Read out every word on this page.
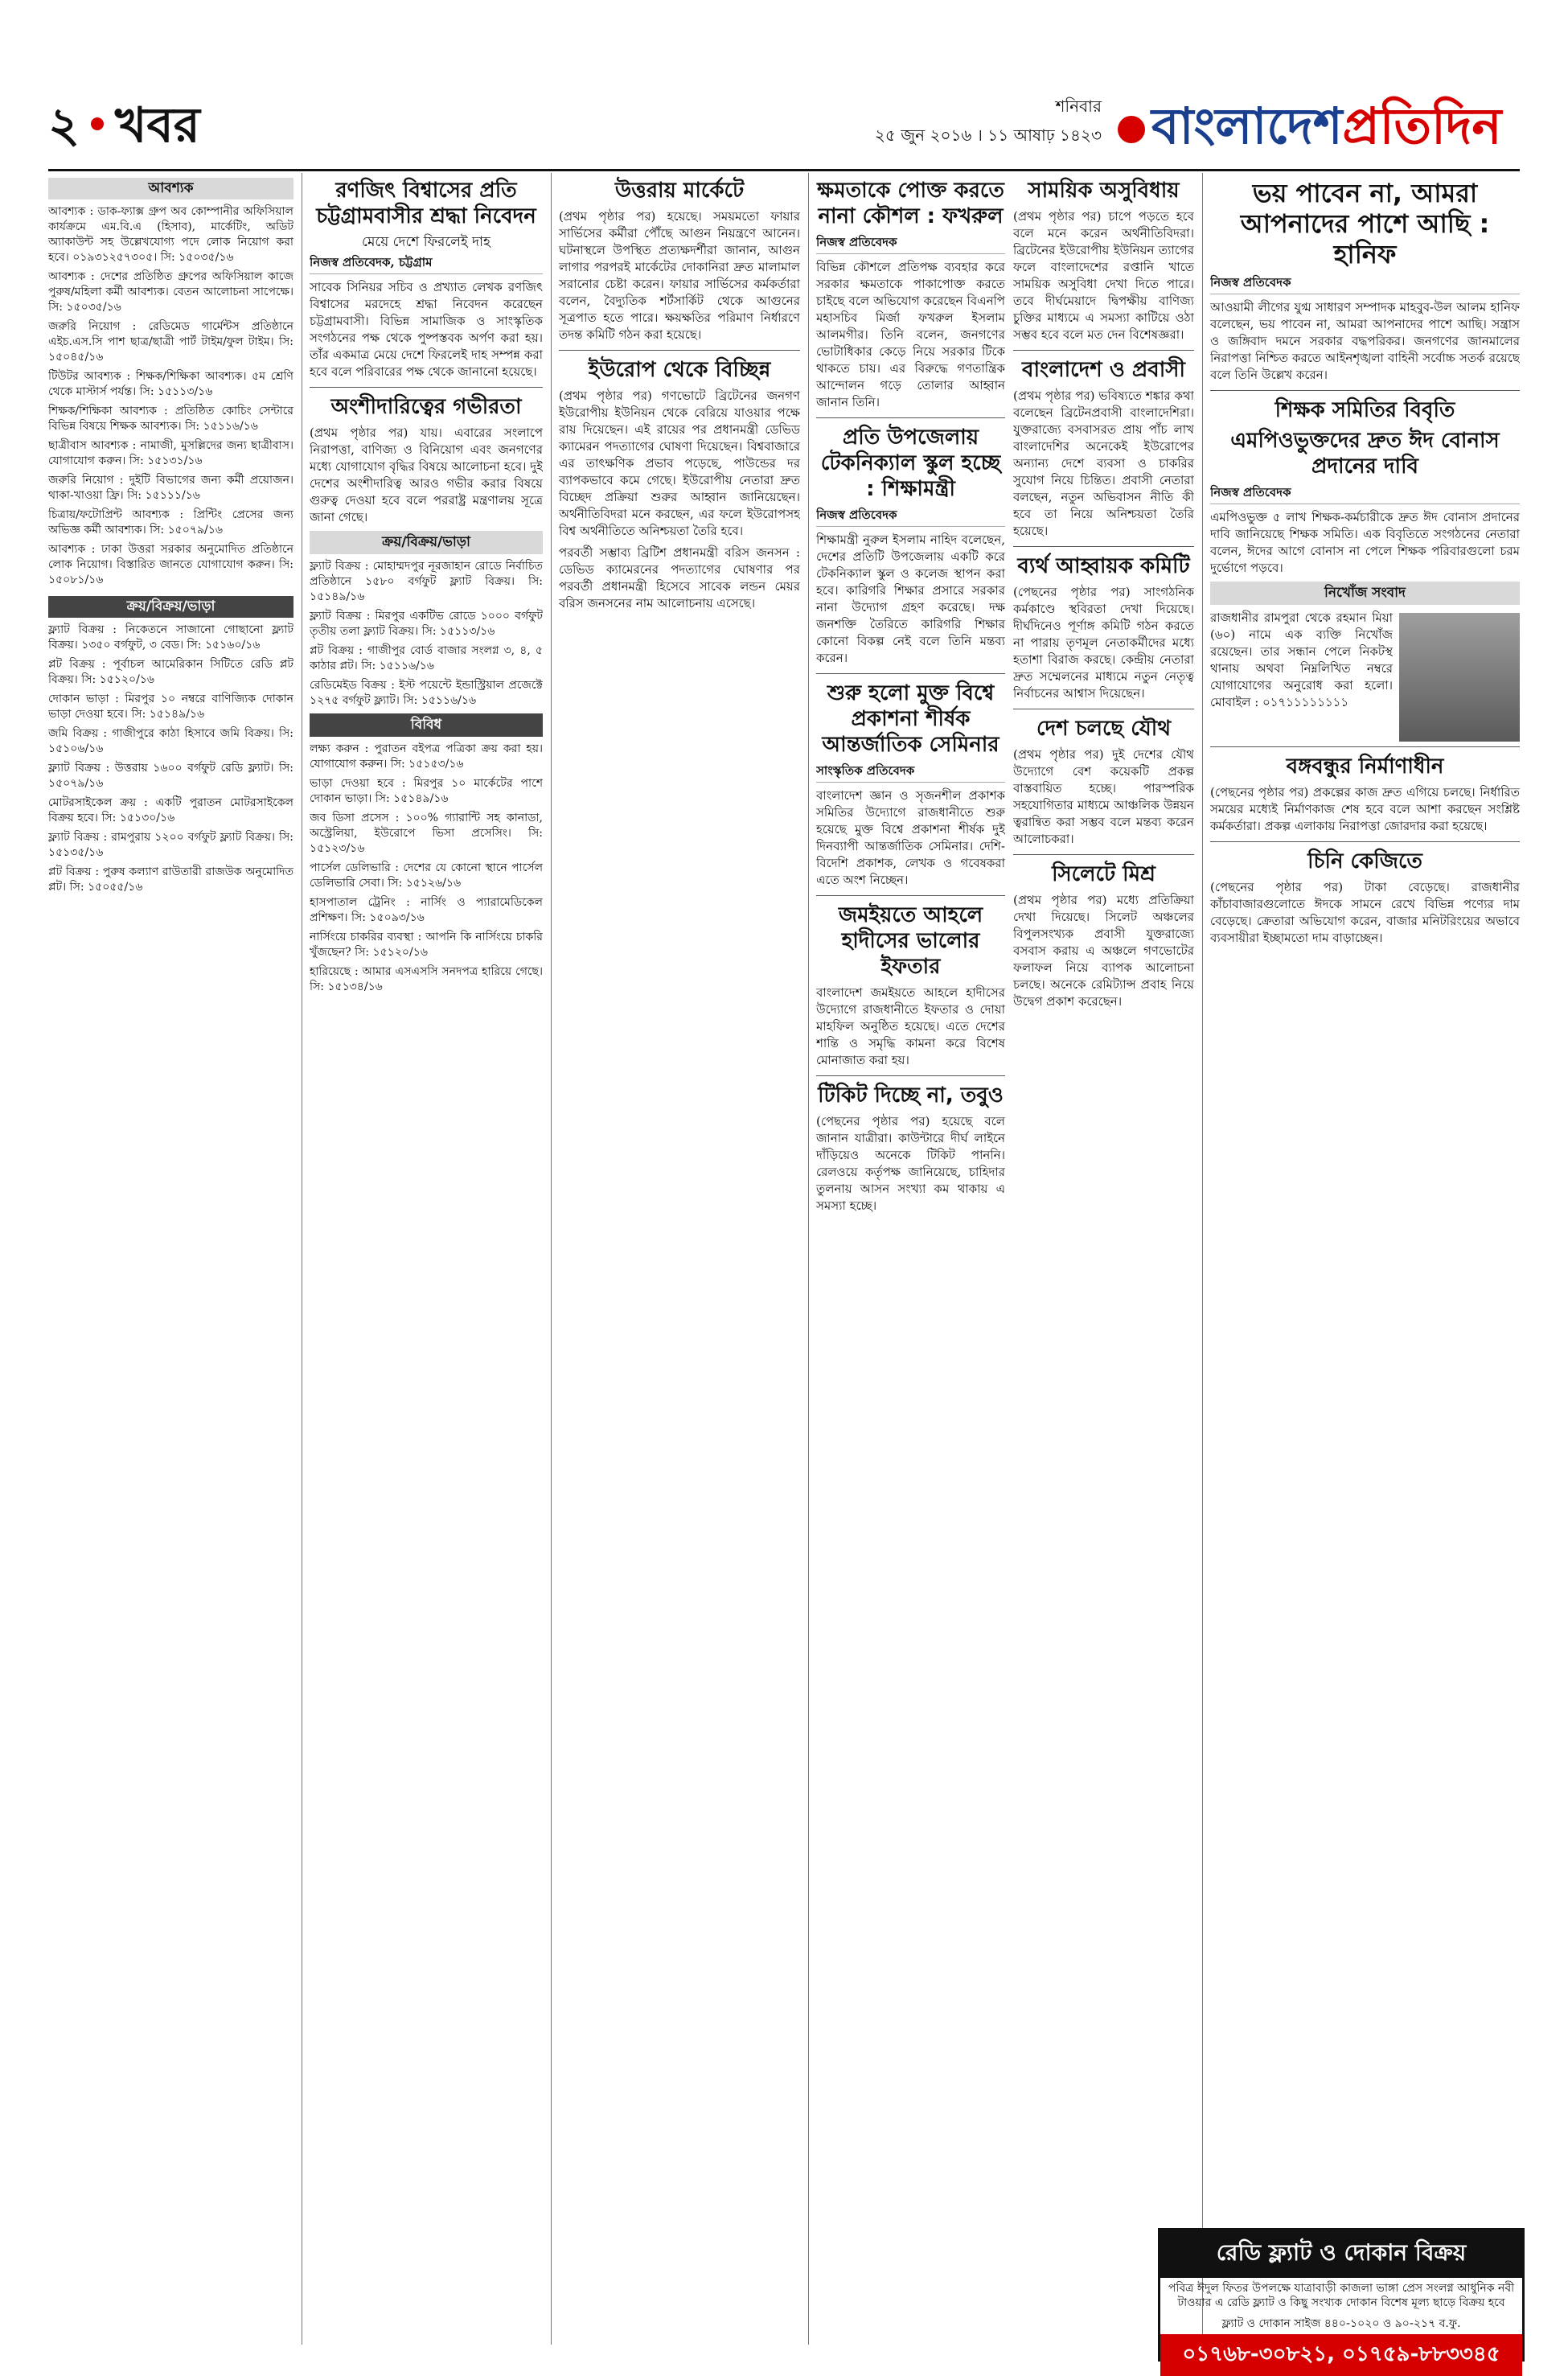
২ খবর	শনিবার
২৫ জুন ২০১৬ । ১১ আষাঢ় ১৪২৩	বাংলাদেশপ্রতিদিন
আবশ্যক
আবশ্যক : ডাক-ফ্যাক্স গ্রুপ অব কোম্পানীর অফিসিয়াল কার্যক্রমে এম.বি.এ (হিসাব), মার্কেটিং, অডিট অ্যাকাউন্ট সহ উল্লেখযোগ্য পদে লোক নিয়োগ করা হবে। ০১৯৩১২৫৭৩০৫। সি: ১৫০৩৫/১৬
আবশ্যক : দেশের প্রতিষ্ঠিত গ্রুপের অফিসিয়াল কাজে পুরুষ/মহিলা কর্মী আবশ্যক। বেতন আলোচনা সাপেক্ষে। সি: ১৫০৩৫/১৬
জরুরি নিয়োগ : রেডিমেড গার্মেন্টস প্রতিষ্ঠানে এইচ.এস.সি পাশ ছাত্র/ছাত্রী পার্ট টাইম/ফুল টাইম। সি: ১৫০৪৫/১৬
টিউটর আবশ্যক : শিক্ষক/শিক্ষিকা আবশ্যক। ৫ম শ্রেণি থেকে মাস্টার্স পর্যন্ত। সি: ১৫১১৩/১৬
শিক্ষক/শিক্ষিকা আবশ্যক : প্রতিষ্ঠিত কোচিং সেন্টারে বিভিন্ন বিষয়ে শিক্ষক আবশ্যক। সি: ১৫১১৬/১৬
ছাত্রীবাস আবশ্যক : নামাজী, মুসল্লিদের জন্য ছাত্রীবাস। যোগাযোগ করুন। সি: ১৫১৩১/১৬
জরুরি নিয়োগ : দুইটি বিভাগের জন্য কর্মী প্রয়োজন। থাকা-খাওয়া ফ্রি। সি: ১৫১১১/১৬
চিত্রায়/ফটোপ্রিন্ট আবশ্যক : প্রিন্টিং প্রেসের জন্য অভিজ্ঞ কর্মী আবশ্যক। সি: ১৫০৭৯/১৬
আবশ্যক : ঢাকা উত্তরা সরকার অনুমোদিত প্রতিষ্ঠানে লোক নিয়োগ। বিস্তারিত জানতে যোগাযোগ করুন। সি: ১৫০৮১/১৬
ক্রয়/বিক্রয়/ভাড়া
ফ্ল্যাট বিক্রয় : নিকেতনে সাজানো গোছানো ফ্ল্যাট বিক্রয়। ১৩৫০ বর্গফুট, ৩ বেড। সি: ১৫১৬০/১৬
প্লট বিক্রয় : পূর্বাচল আমেরিকান সিটিতে রেডি প্লট বিক্রয়। সি: ১৫১২০/১৬
দোকান ভাড়া : মিরপুর ১০ নম্বরে বাণিজ্যিক দোকান ভাড়া দেওয়া হবে। সি: ১৫১৪৯/১৬
জমি বিক্রয় : গাজীপুরে কাঠা হিসাবে জমি বিক্রয়। সি: ১৫১০৬/১৬
ফ্ল্যাট বিক্রয় : উত্তরায় ১৬০০ বর্গফুট রেডি ফ্ল্যাট। সি: ১৫০৭৯/১৬
মোটরসাইকেল ক্রয় : একটি পুরাতন মোটরসাইকেল বিক্রয় হবে। সি: ১৫১৩০/১৬
ফ্ল্যাট বিক্রয় : রামপুরায় ১২০০ বর্গফুট ফ্ল্যাট বিক্রয়। সি: ১৫১৩৫/১৬
প্লট বিক্রয় : পুরুষ কল্যাণ রাউতারী রাজউক অনুমোদিত প্লট। সি: ১৫০৫৫/১৬
রণজিৎ বিশ্বাসের প্রতি চট্টগ্রামবাসীর শ্রদ্ধা নিবেদন
মেয়ে দেশে ফিরলেই দাহ
নিজস্ব প্রতিবেদক, চট্টগ্রাম

সাবেক সিনিয়র সচিব ও প্রখ্যাত লেখক রণজিৎ বিশ্বাসের মরদেহে শ্রদ্ধা নিবেদন করেছেন চট্টগ্রামবাসী। বিভিন্ন সামাজিক ও সাংস্কৃতিক সংগঠনের পক্ষ থেকে পুষ্পস্তবক অর্পণ করা হয়। তাঁর একমাত্র মেয়ে দেশে ফিরলেই দাহ সম্পন্ন করা হবে বলে পরিবারের পক্ষ থেকে জানানো হয়েছে।

অংশীদারিত্বের গভীরতা

(প্রথম পৃষ্ঠার পর) যায়। এবারের সংলাপে নিরাপত্তা, বাণিজ্য ও বিনিয়োগ এবং জনগণের মধ্যে যোগাযোগ বৃদ্ধির বিষয়ে আলোচনা হবে। দুই দেশের অংশীদারিত্ব আরও গভীর করার বিষয়ে গুরুত্ব দেওয়া হবে বলে পররাষ্ট্র মন্ত্রণালয় সূত্রে জানা গেছে।

ক্রয়/বিক্রয়/ভাড়া
ফ্ল্যাট বিক্রয় : মোহাম্মদপুর নূরজাহান রোডে নির্বাচিত প্রতিষ্ঠানে ১৫৮০ বর্গফুট ফ্ল্যাট বিক্রয়। সি: ১৫১৪৯/১৬
ফ্ল্যাট বিক্রয় : মিরপুর একটিভ রোডে ১০০০ বর্গফুট তৃতীয় তলা ফ্ল্যাট বিক্রয়। সি: ১৫১১৩/১৬
প্লট বিক্রয় : গাজীপুর বোর্ড বাজার সংলগ্ন ৩, ৪, ৫ কাঠার প্লট। সি: ১৫১১৬/১৬
রেডিমেইড বিক্রয় : ইস্ট পয়েন্টে ইন্ডাস্ট্রিয়াল প্রজেক্টে ১২৭৫ বর্গফুট ফ্ল্যাট। সি: ১৫১১৬/১৬
বিবিধ
লক্ষ্য করুন : পুরাতন বইপত্র পত্রিকা ক্রয় করা হয়। যোগাযোগ করুন। সি: ১৫১৫৩/১৬
ভাড়া দেওয়া হবে : মিরপুর ১০ মার্কেটের পাশে দোকান ভাড়া। সি: ১৫১৪৯/১৬
জব ডিসা প্রসেস : ১০০% গ্যারান্টি সহ কানাডা, অস্ট্রেলিয়া, ইউরোপে ভিসা প্রসেসিং। সি: ১৫১২৩/১৬
পার্সেল ডেলিভারি : দেশের যে কোনো স্থানে পার্সেল ডেলিভারি সেবা। সি: ১৫১২৬/১৬
হাসপাতাল ট্রেনিং : নার্সিং ও প্যারামেডিকেল প্রশিক্ষণ। সি: ১৫০৯৩/১৬
নার্সিংয়ে চাকরির ব্যবস্থা : আপনি কি নার্সিংয়ে চাকরি খুঁজছেন? সি: ১৫১২০/১৬
হারিয়েছে : আমার এসএসসি সনদপত্র হারিয়ে গেছে। সি: ১৫১৩৪/১৬
উত্তরায় মার্কেটে

(প্রথম পৃষ্ঠার পর) হয়েছে। সময়মতো ফায়ার সার্ভিসের কর্মীরা পৌঁছে আগুন নিয়ন্ত্রণে আনেন। ঘটনাস্থলে উপস্থিত প্রত্যক্ষদর্শীরা জানান, আগুন লাগার পরপরই মার্কেটের দোকানিরা দ্রুত মালামাল সরানোর চেষ্টা করেন। ফায়ার সার্ভিসের কর্মকর্তারা বলেন, বৈদ্যুতিক শর্টসার্কিট থেকে আগুনের সূত্রপাত হতে পারে। ক্ষয়ক্ষতির পরিমাণ নির্ধারণে তদন্ত কমিটি গঠন করা হয়েছে।

ইউরোপ থেকে বিচ্ছিন্ন

(প্রথম পৃষ্ঠার পর) গণভোটে ব্রিটেনের জনগণ ইউরোপীয় ইউনিয়ন থেকে বেরিয়ে যাওয়ার পক্ষে রায় দিয়েছেন। এই রায়ের পর প্রধানমন্ত্রী ডেভিড ক্যামেরন পদত্যাগের ঘোষণা দিয়েছেন। বিশ্ববাজারে এর তাৎক্ষণিক প্রভাব পড়েছে, পাউন্ডের দর ব্যাপকভাবে কমে গেছে। ইউরোপীয় নেতারা দ্রুত বিচ্ছেদ প্রক্রিয়া শুরুর আহ্বান জানিয়েছেন। অর্থনীতিবিদরা মনে করছেন, এর ফলে ইউরোপসহ বিশ্ব অর্থনীতিতে অনিশ্চয়তা তৈরি হবে।

পরবর্তী সম্ভাব্য ব্রিটিশ প্রধানমন্ত্রী বরিস জনসন : ডেভিড ক্যামেরনের পদত্যাগের ঘোষণার পর পরবর্তী প্রধানমন্ত্রী হিসেবে সাবেক লন্ডন মেয়র বরিস জনসনের নাম আলোচনায় এসেছে।

ক্ষমতাকে পোক্ত করতে নানা কৌশল : ফখরুল
নিজস্ব প্রতিবেদক

বিভিন্ন কৌশলে প্রতিপক্ষ ব্যবহার করে সরকার ক্ষমতাকে পাকাপোক্ত করতে চাইছে বলে অভিযোগ করেছেন বিএনপি মহাসচিব মির্জা ফখরুল ইসলাম আলমগীর। তিনি বলেন, জনগণের ভোটাধিকার কেড়ে নিয়ে সরকার টিকে থাকতে চায়। এর বিরুদ্ধে গণতান্ত্রিক আন্দোলন গড়ে তোলার আহ্বান জানান তিনি।

প্রতি উপজেলায় টেকনিক্যাল স্কুল হচ্ছে : শিক্ষামন্ত্রী
নিজস্ব প্রতিবেদক

শিক্ষামন্ত্রী নুরুল ইসলাম নাহিদ বলেছেন, দেশের প্রতিটি উপজেলায় একটি করে টেকনিক্যাল স্কুল ও কলেজ স্থাপন করা হবে। কারিগরি শিক্ষার প্রসারে সরকার নানা উদ্যোগ গ্রহণ করেছে। দক্ষ জনশক্তি তৈরিতে কারিগরি শিক্ষার কোনো বিকল্প নেই বলে তিনি মন্তব্য করেন।

শুরু হলো মুক্ত বিশ্বে প্রকাশনা শীর্ষক আন্তর্জাতিক সেমিনার
সাংস্কৃতিক প্রতিবেদক

বাংলাদেশ জ্ঞান ও সৃজনশীল প্রকাশক সমিতির উদ্যোগে রাজধানীতে শুরু হয়েছে মুক্ত বিশ্বে প্রকাশনা শীর্ষক দুই দিনব্যাপী আন্তর্জাতিক সেমিনার। দেশি-বিদেশি প্রকাশক, লেখক ও গবেষকরা এতে অংশ নিচ্ছেন।

জমইয়তে আহলে হাদীসের ভালোর ইফতার

বাংলাদেশ জমইয়তে আহলে হাদীসের উদ্যোগে রাজধানীতে ইফতার ও দোয়া মাহফিল অনুষ্ঠিত হয়েছে। এতে দেশের শান্তি ও সমৃদ্ধি কামনা করে বিশেষ মোনাজাত করা হয়।

টিকিট দিচ্ছে না, তবুও

(পেছনের পৃষ্ঠার পর) হয়েছে বলে জানান যাত্রীরা। কাউন্টারে দীর্ঘ লাইনে দাঁড়িয়েও অনেকে টিকিট পাননি। রেলওয়ে কর্তৃপক্ষ জানিয়েছে, চাহিদার তুলনায় আসন সংখ্যা কম থাকায় এ সমস্যা হচ্ছে।

সাময়িক অসুবিধায়

(প্রথম পৃষ্ঠার পর) চাপে পড়তে হবে বলে মনে করেন অর্থনীতিবিদরা। ব্রিটেনের ইউরোপীয় ইউনিয়ন ত্যাগের ফলে বাংলাদেশের রপ্তানি খাতে সাময়িক অসুবিধা দেখা দিতে পারে। তবে দীর্ঘমেয়াদে দ্বিপক্ষীয় বাণিজ্য চুক্তির মাধ্যমে এ সমস্যা কাটিয়ে ওঠা সম্ভব হবে বলে মত দেন বিশেষজ্ঞরা।

বাংলাদেশ ও প্রবাসী

(প্রথম পৃষ্ঠার পর) ভবিষ্যতে শঙ্কার কথা বলেছেন ব্রিটেনপ্রবাসী বাংলাদেশিরা। যুক্তরাজ্যে বসবাসরত প্রায় পাঁচ লাখ বাংলাদেশির অনেকেই ইউরোপের অন্যান্য দেশে ব্যবসা ও চাকরির সুযোগ নিয়ে চিন্তিত। প্রবাসী নেতারা বলছেন, নতুন অভিবাসন নীতি কী হবে তা নিয়ে অনিশ্চয়তা তৈরি হয়েছে।

ব্যর্থ আহ্বায়ক কমিটি

(পেছনের পৃষ্ঠার পর) সাংগঠনিক কর্মকাণ্ডে স্থবিরতা দেখা দিয়েছে। দীর্ঘদিনেও পূর্ণাঙ্গ কমিটি গঠন করতে না পারায় তৃণমূল নেতাকর্মীদের মধ্যে হতাশা বিরাজ করছে। কেন্দ্রীয় নেতারা দ্রুত সম্মেলনের মাধ্যমে নতুন নেতৃত্ব নির্বাচনের আশ্বাস দিয়েছেন।

দেশ চলছে যৌথ

(প্রথম পৃষ্ঠার পর) দুই দেশের যৌথ উদ্যোগে বেশ কয়েকটি প্রকল্প বাস্তবায়িত হচ্ছে। পারস্পরিক সহযোগিতার মাধ্যমে আঞ্চলিক উন্নয়ন ত্বরান্বিত করা সম্ভব বলে মন্তব্য করেন আলোচকরা।

সিলেটে মিশ্র

(প্রথম পৃষ্ঠার পর) মধ্যে প্রতিক্রিয়া দেখা দিয়েছে। সিলেট অঞ্চলের বিপুলসংখ্যক প্রবাসী যুক্তরাজ্যে বসবাস করায় এ অঞ্চলে গণভোটের ফলাফল নিয়ে ব্যাপক আলোচনা চলছে। অনেকে রেমিট্যান্স প্রবাহ নিয়ে উদ্বেগ প্রকাশ করেছেন।

ভয় পাবেন না, আমরা আপনাদের পাশে আছি : হানিফ
নিজস্ব প্রতিবেদক

আওয়ামী লীগের যুগ্ম সাধারণ সম্পাদক মাহবুব-উল আলম হানিফ বলেছেন, ভয় পাবেন না, আমরা আপনাদের পাশে আছি। সন্ত্রাস ও জঙ্গিবাদ দমনে সরকার বদ্ধপরিকর। জনগণের জানমালের নিরাপত্তা নিশ্চিত করতে আইনশৃঙ্খলা বাহিনী সর্বোচ্চ সতর্ক রয়েছে বলে তিনি উল্লেখ করেন।

শিক্ষক সমিতির বিবৃতি
এমপিওভুক্তদের দ্রুত ঈদ বোনাস প্রদানের দাবি
নিজস্ব প্রতিবেদক

এমপিওভুক্ত ৫ লাখ শিক্ষক-কর্মচারীকে দ্রুত ঈদ বোনাস প্রদানের দাবি জানিয়েছে শিক্ষক সমিতি। এক বিবৃতিতে সংগঠনের নেতারা বলেন, ঈদের আগে বোনাস না পেলে শিক্ষক পরিবারগুলো চরম দুর্ভোগে পড়বে।

নিখোঁজ সংবাদ

রাজধানীর রামপুরা থেকে রহমান মিয়া (৬০) নামে এক ব্যক্তি নিখোঁজ রয়েছেন। তার সন্ধান পেলে নিকটস্থ থানায় অথবা নিম্নলিখিত নম্বরে যোগাযোগের অনুরোধ করা হলো। মোবাইল : ০১৭১১১১১১১১

বঙ্গবন্ধুর নির্মাণাধীন

(পেছনের পৃষ্ঠার পর) প্রকল্পের কাজ দ্রুত এগিয়ে চলছে। নির্ধারিত সময়ের মধ্যেই নির্মাণকাজ শেষ হবে বলে আশা করছেন সংশ্লিষ্ট কর্মকর্তারা। প্রকল্প এলাকায় নিরাপত্তা জোরদার করা হয়েছে।

চিনি কেজিতে

(পেছনের পৃষ্ঠার পর) টাকা বেড়েছে। রাজধানীর কাঁচাবাজারগুলোতে ঈদকে সামনে রেখে বিভিন্ন পণ্যের দাম বেড়েছে। ক্রেতারা অভিযোগ করেন, বাজার মনিটরিংয়ের অভাবে ব্যবসায়ীরা ইচ্ছামতো দাম বাড়াচ্ছেন।

রেডি ফ্ল্যাট ও দোকান বিক্রয়
পবিত্র ঈদুল ফিতর উপলক্ষে যাত্রাবাড়ী কাজলা ভাঙ্গা প্রেস সংলগ্ন আধুনিক নবী টাওয়ার এ রেডি ফ্ল্যাট ও কিছু সংখ্যক দোকান বিশেষ মূল্য ছাড়ে বিক্রয় হবে
ফ্ল্যাট ও দোকান সাইজ ৪৪০-১০২০ ও ৯০-২১৭ ব.ফু.
০১৭৬৮-৩০৮২১, ০১৭৫৯-৮৮৩৩৪৫
